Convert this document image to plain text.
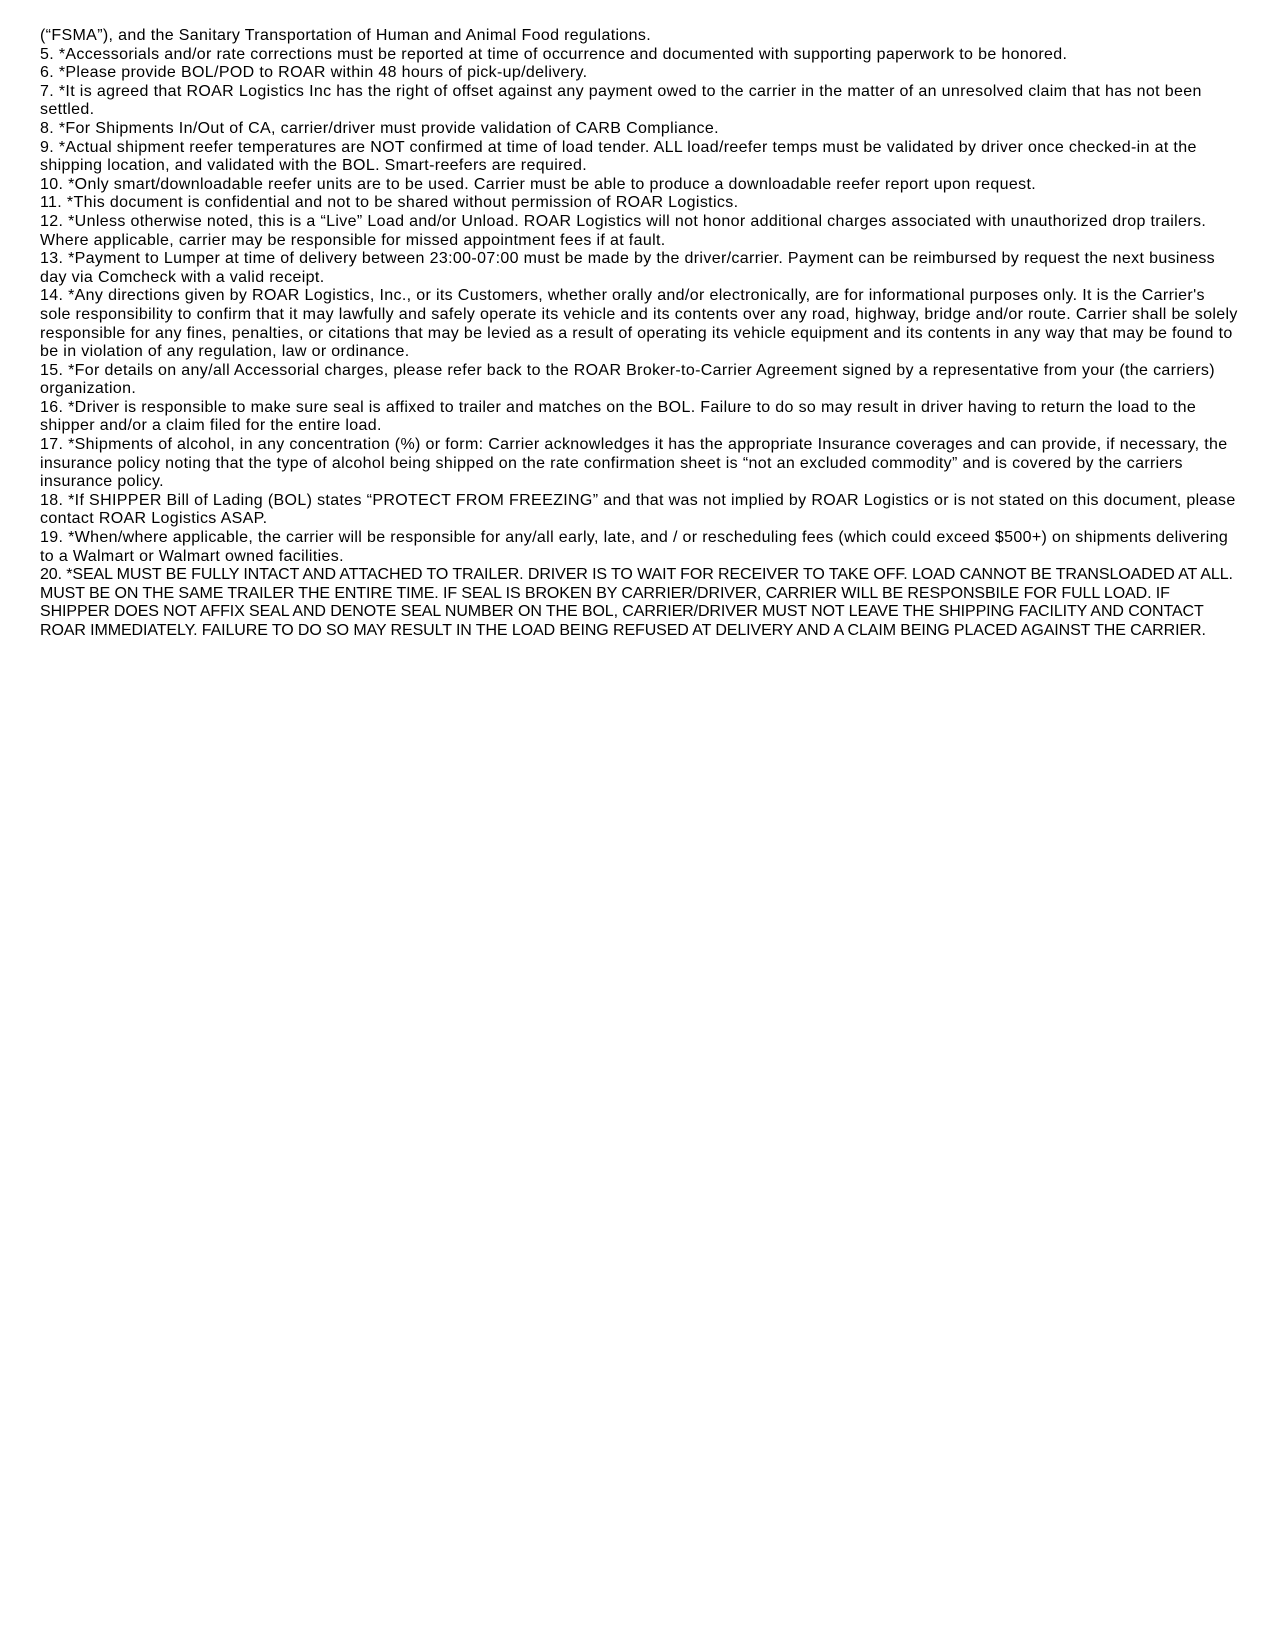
(“FSMA”), and the Sanitary Transportation of Human and Animal Food regulations.

5. *Accessorials and/or rate corrections must be reported at time of occurrence and documented with supporting paperwork to be honored.

6. *Please provide BOL/POD to ROAR within 48 hours of pick-up/delivery.

7. *It is agreed that ROAR Logistics Inc has the right of offset against any payment owed to the carrier in the matter of an unresolved claim that has not been settled.

8. *For Shipments In/Out of CA, carrier/driver must provide validation of CARB Compliance.

9. *Actual shipment reefer temperatures are NOT confirmed at time of load tender. ALL load/reefer temps must be validated by driver once checked-in at the shipping location, and validated with the BOL. Smart-reefers are required.

10. *Only smart/downloadable reefer units are to be used. Carrier must be able to produce a downloadable reefer report upon request.

11. *This document is confidential and not to be shared without permission of ROAR Logistics.

12. *Unless otherwise noted, this is a “Live” Load and/or Unload. ROAR Logistics will not honor additional charges associated with unauthorized drop trailers. Where applicable, carrier may be responsible for missed appointment fees if at fault.

13. *Payment to Lumper at time of delivery between 23:00-07:00 must be made by the driver/carrier. Payment can be reimbursed by request the next business day via Comcheck with a valid receipt.

14. *Any directions given by ROAR Logistics, Inc., or its Customers, whether orally and/or electronically, are for informational purposes only. It is the Carrier's sole responsibility to confirm that it may lawfully and safely operate its vehicle and its contents over any road, highway, bridge and/or route. Carrier shall be solely responsible for any fines, penalties, or citations that may be levied as a result of operating its vehicle equipment and its contents in any way that may be found to be in violation of any regulation, law or ordinance.

15. *For details on any/all Accessorial charges, please refer back to the ROAR Broker-to-Carrier Agreement signed by a representative from your (the carriers) organization.

16. *Driver is responsible to make sure seal is affixed to trailer and matches on the BOL. Failure to do so may result in driver having to return the load to the shipper and/or a claim filed for the entire load.

17. *Shipments of alcohol, in any concentration (%) or form: Carrier acknowledges it has the appropriate Insurance coverages and can provide, if necessary, the insurance policy noting that the type of alcohol being shipped on the rate confirmation sheet is “not an excluded commodity” and is covered by the carriers insurance policy.

18. *If SHIPPER Bill of Lading (BOL) states “PROTECT FROM FREEZING” and that was not implied by ROAR Logistics or is not stated on this document, please contact ROAR Logistics ASAP.

19. *When/where applicable, the carrier will be responsible for any/all early, late, and / or rescheduling fees (which could exceed $500+) on shipments delivering to a Walmart or Walmart owned facilities.

20. *SEAL MUST BE FULLY INTACT AND ATTACHED TO TRAILER. DRIVER IS TO WAIT FOR RECEIVER TO TAKE OFF. LOAD CANNOT BE TRANSLOADED AT ALL. MUST BE ON THE SAME TRAILER THE ENTIRE TIME. IF SEAL IS BROKEN BY CARRIER/DRIVER, CARRIER WILL BE RESPONSBILE FOR FULL LOAD. IF SHIPPER DOES NOT AFFIX SEAL AND DENOTE SEAL NUMBER ON THE BOL, CARRIER/DRIVER MUST NOT LEAVE THE SHIPPING FACILITY AND CONTACT ROAR IMMEDIATELY. FAILURE TO DO SO MAY RESULT IN THE LOAD BEING REFUSED AT DELIVERY AND A CLAIM BEING PLACED AGAINST THE CARRIER.
